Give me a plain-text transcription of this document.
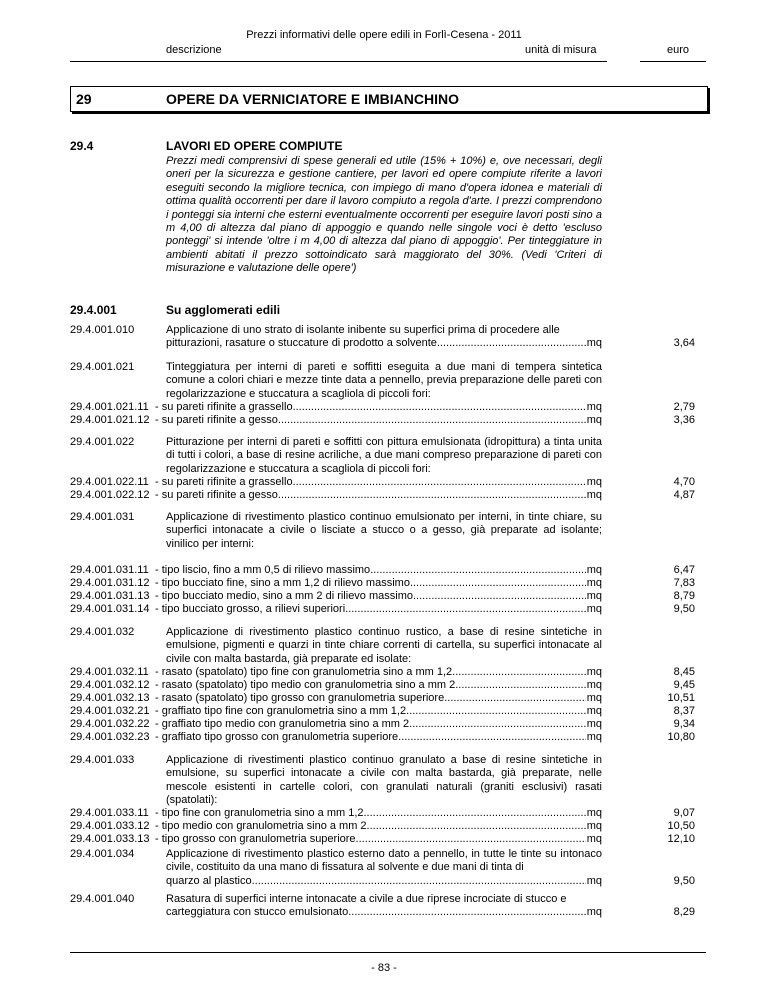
Prezzi informativi delle opere edili in Forlì-Cesena - 2011
descrizione	unità di misura	euro
29	OPERE DA VERNICIATORE E IMBIANCHINO
29.4	LAVORI ED OPERE COMPIUTE
Prezzi medi comprensivi di spese generali ed utile (15% + 10%) e, ove necessari, degli oneri per la sicurezza e gestione cantiere, per lavori ed opere compiute riferite a lavori eseguiti secondo la migliore tecnica, con impiego di mano d'opera idonea e materiali di ottima qualità occorrenti per dare il lavoro compiuto a regola d'arte. I prezzi comprendono i ponteggi sia interni che esterni eventualmente occorrenti per eseguire lavori posti sino a m 4,00 di altezza dal piano di appoggio e quando nelle singole voci è detto 'escluso ponteggi' si intende 'oltre i m 4,00 di altezza dal piano di appoggio'. Per tinteggiature in ambienti abitati il prezzo sottoindicato sarà maggiorato del 30%. (Vedi 'Criteri di misurazione e valutazione delle opere')
29.4.001	Su agglomerati edili
29.4.001.010	Applicazione di uno strato di isolante inibente su superfici prima di procedere alle
pitturazioni, rasature o stuccature di prodotto a solvente .....	mq	3,64
29.4.001.021	Tinteggiatura per interni di pareti e soffitti eseguita a due mani di tempera sintetica comune a colori chiari e mezze tinte data a pennello, previa preparazione delle pareti con regolarizzazione e stuccatura a scagliola di piccoli fori:
29.4.001.021.11 - su pareti rifinite a grassello .....	mq	2,79
29.4.001.021.12 - su pareti rifinite a gesso .....	mq	3,36
29.4.001.022	Pitturazione per interni di pareti e soffitti con pittura emulsionata (idropittura) a tinta unita di tutti i colori, a base di resine acriliche, a due mani compreso preparazione di pareti con regolarizzazione e stuccatura a scagliola di piccoli fori:
29.4.001.022.11 - su pareti rifinite a grassello .....	mq	4,70
29.4.001.022.12 - su pareti rifinite a gesso .....	mq	4,87
29.4.001.031	Applicazione di rivestimento plastico continuo emulsionato per interni, in tinte chiare, su superfici intonacate a civile o lisciate a stucco o a gesso, già preparate ad isolante; vinilico per interni:
29.4.001.031.11 - tipo liscio, fino a mm 0,5 di rilievo massimo .....	mq	6,47
29.4.001.031.12 - tipo bucciato fine, sino a mm 1,2 di rilievo massimo .....	mq	7,83
29.4.001.031.13 - tipo bucciato medio, sino a mm 2 di rilievo massimo .....	mq	8,79
29.4.001.031.14 - tipo bucciato grosso, a rilievi superiori .....	mq	9,50
29.4.001.032	Applicazione di rivestimento plastico continuo rustico, a base di resine sintetiche in emulsione, pigmenti e quarzi in tinte chiare correnti di cartella, su superfici intonacate al civile con malta bastarda, già preparate ed isolate:
29.4.001.032.11 - rasato (spatolato) tipo fine con granulometria sino a mm 1,2 .....	mq	8,45
29.4.001.032.12 - rasato (spatolato) tipo medio con granulometria sino a mm 2 .....	mq	9,45
29.4.001.032.13 - rasato (spatolato) tipo grosso con granulometria superiore .....	mq	10,51
29.4.001.032.21 - graffiato tipo fine con granulometria sino a mm 1,2 .....	mq	8,37
29.4.001.032.22 - graffiato tipo medio con granulometria sino a mm 2 .....	mq	9,34
29.4.001.032.23 - graffiato tipo grosso con granulometria superiore .....	mq	10,80
29.4.001.033	Applicazione di rivestimenti plastico continuo granulato a base di resine sintetiche in emulsione, su superfici intonacate a civile con malta bastarda, già preparate, nelle mescole esistenti in cartelle colori, con granulati naturali (graniti esclusivi) rasati (spatolati):
29.4.001.033.11 - tipo fine con granulometria sino a mm 1,2 .....	mq	9,07
29.4.001.033.12 - tipo medio con granulometria sino a mm 2 .....	mq	10,50
29.4.001.033.13 - tipo grosso con granulometria superiore .....	mq	12,10
29.4.001.034	Applicazione di rivestimento plastico esterno dato a pennello, in tutte le tinte su intonaco civile, costituito da una mano di fissatura al solvente e due mani di tinta di
quarzo al plastico .....	mq	9,50
29.4.001.040	Rasatura di superfici interne intonacate a civile a due riprese incrociate di stucco e
carteggiatura con stucco emulsionato .....	mq	8,29
- 83 -
